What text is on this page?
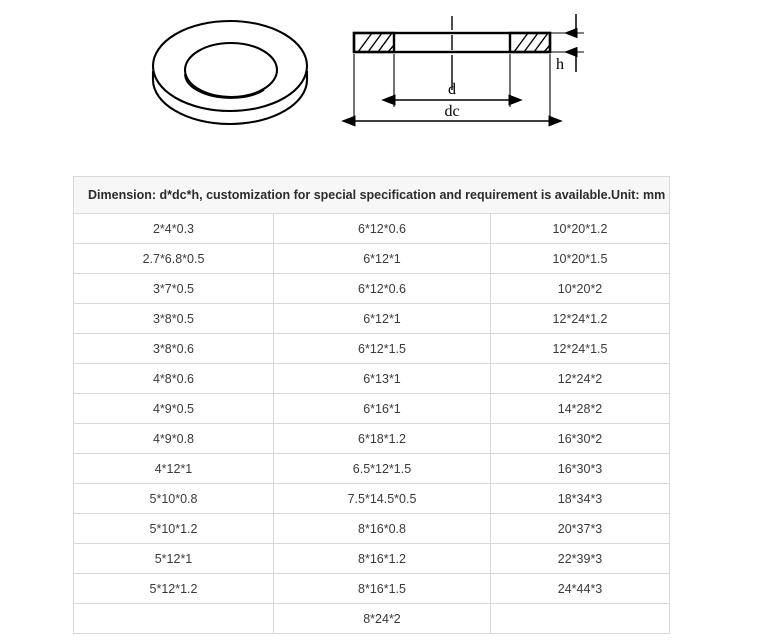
d
dc
h
Dimension: d*dc*h, customization for special specification and requirement is available. Unit: mm		

2*4*0.3	6*12*0.6	10*20*1.2
2.7*6.8*0.5	6*12*1	10*20*1.5
3*7*0.5	6*12*0.6	10*20*2
3*8*0.5	6*12*1	12*24*1.2
3*8*0.6	6*12*1.5	12*24*1.5
4*8*0.6	6*13*1	12*24*2
4*9*0.5	6*16*1	14*28*2
4*9*0.8	6*18*1.2	16*30*2
4*12*1	6.5*12*1.5	16*30*3
5*10*0.8	7.5*14.5*0.5	18*34*3
5*10*1.2	8*16*0.8	20*37*3
5*12*1	8*16*1.2	22*39*3
5*12*1.2	8*16*1.5	24*44*3
	8*24*2	
